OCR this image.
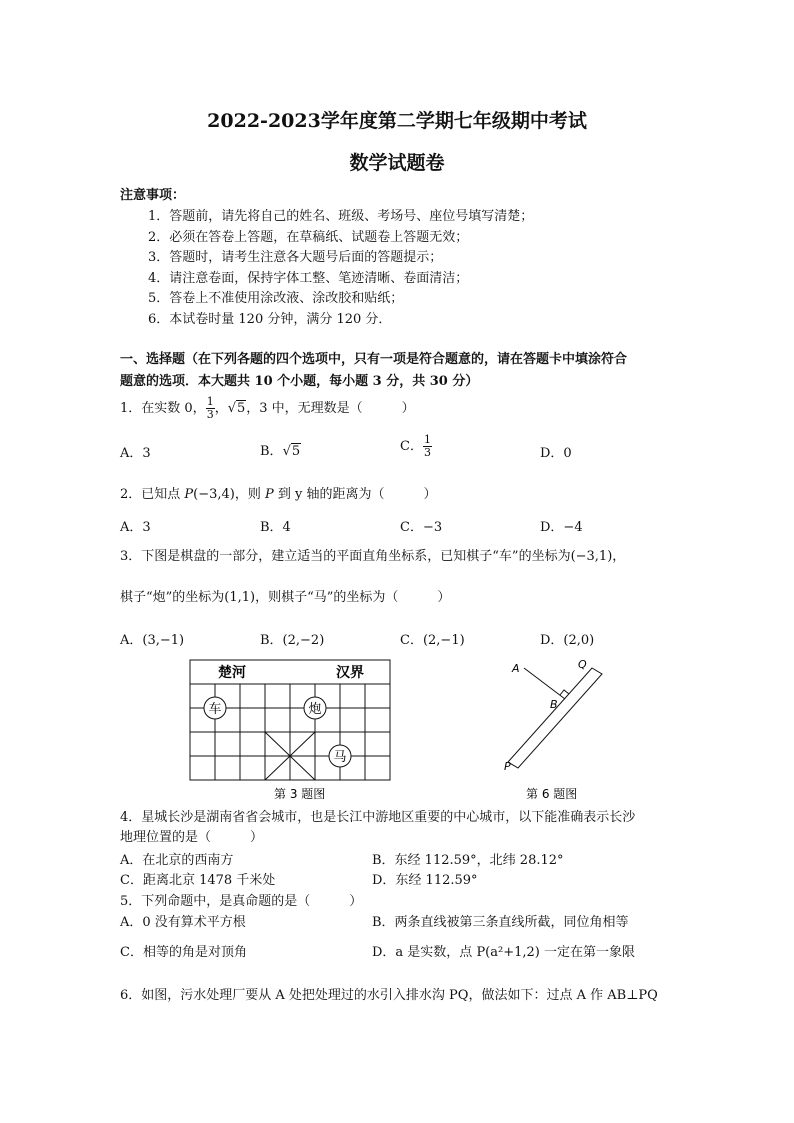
2022-2023学年度第二学期七年级期中考试
数学试题卷
注意事项：
1．答题前，请先将自己的姓名、班级、考场号、座位号填写清楚；
2．必须在答卷上答题，在草稿纸、试题卷上答题无效；
3．答题时，请考生注意各大题号后面的答题提示；
4．请注意卷面，保持字体工整、笔迹清晰、卷面清洁；
5．答卷上不准使用涂改液、涂改胶和贴纸；
6．本试卷时量 120 分钟，满分 120 分．
一、选择题（在下列各题的四个选项中，只有一项是符合题意的，请在答题卡中填涂符合
题意的选项．本大题共 10 个小题，每小题 3 分，共 30 分）
1．在实数 0， $\frac{1}{3}$ ，√5，3 中，无理数是（　　　）
A．3	B．√5	C． $\frac{1}{3}$	D．0
2．已知点 P(−3,4)，则 P 到 y 轴的距离为（　　　）
A．3	B．4	C．−3	D．−4
3．下图是棋盘的一部分，建立适当的平面直角坐标系，已知棋子“车”的坐标为(−3,1)，
棋子“炮”的坐标为(1,1)，则棋子“马”的坐标为（　　　）
A．(3,−1)	B．(2,−2)	C．(2,−1)	D．(2,0)
楚河	汉界
车	炮
马
第 3 题图
A	Q
B
P
第 6 题图
4．星城长沙是湖南省省会城市，也是长江中游地区重要的中心城市，以下能准确表示长沙
地理位置的是（　　　）
A．在北京的西南方	B．东经 112.59°，北纬 28.12°
C．距离北京 1478 千米处	D．东经 112.59°
5．下列命题中，是真命题的是（　　　）
A．0 没有算术平方根	B．两条直线被第三条直线所截，同位角相等
C．相等的角是对顶角	D．a 是实数，点 P(a²+1,2) 一定在第一象限
6．如图，污水处理厂要从 A 处把处理过的水引入排水沟 PQ，做法如下：过点 A 作 AB⊥PQ
